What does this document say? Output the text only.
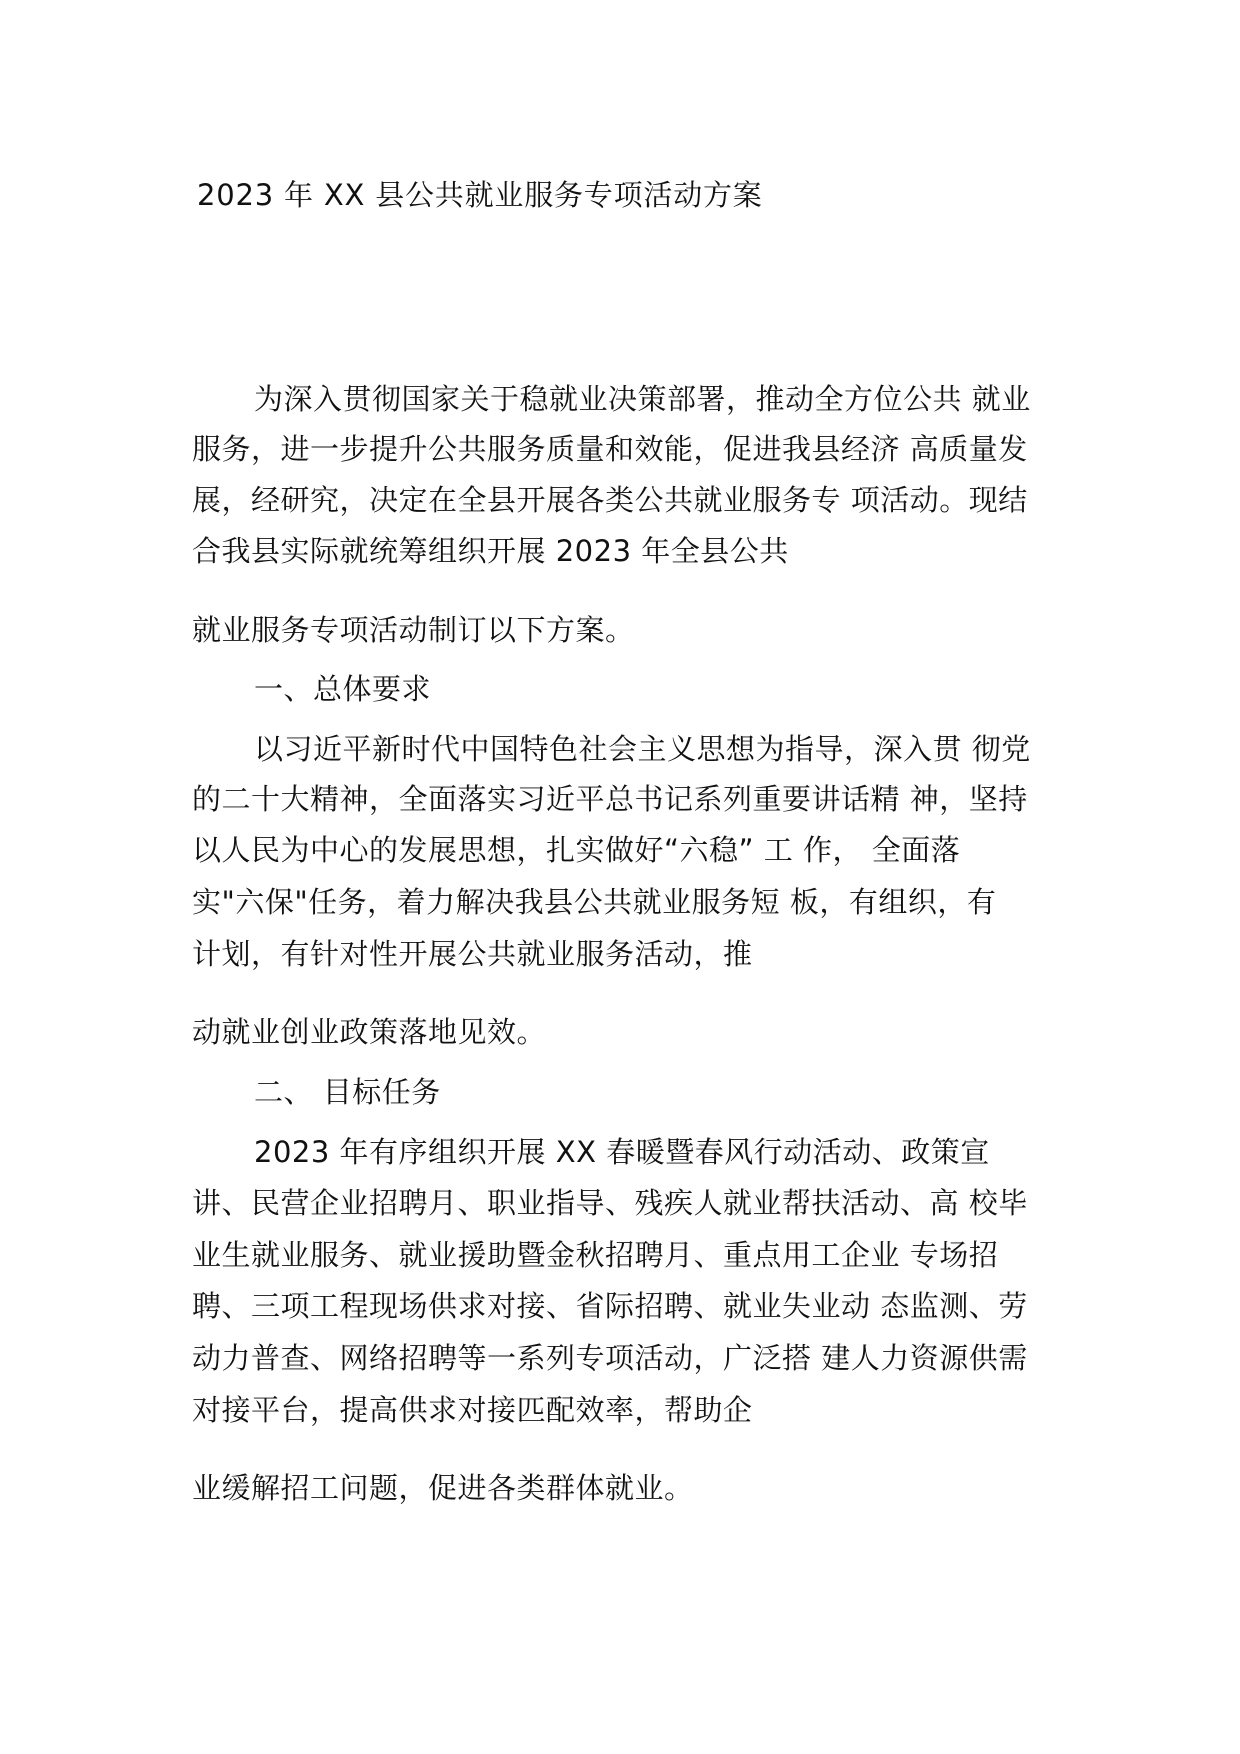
2023 年 XX 县公共就业服务专项活动方案
为深入贯彻国家关于稳就业决策部署，推动全方位公共 就业
服务，进一步提升公共服务质量和效能，促进我县经济 高质量发
展，经研究，决定在全县开展各类公共就业服务专 项活动。现结
合我县实际就统筹组织开展 2023 年全县公共
就业服务专项活动制订以下方案。
一、总体要求
以习近平新时代中国特色社会主义思想为指导，深入贯 彻党
的二十大精神，全面落实习近平总书记系列重要讲话精 神，坚持
以人民为中心的发展思想，扎实做好“六稳” 工 作， 全面落
实"六保"任务，着力解决我县公共就业服务短 板，有组织，有
计划，有针对性开展公共就业服务活动，推
动就业创业政策落地见效。
二、 目标任务
2023 年有序组织开展 XX 春暖暨春风行动活动、政策宣
讲、民营企业招聘月、职业指导、残疾人就业帮扶活动、高 校毕
业生就业服务、就业援助暨金秋招聘月、重点用工企业 专场招
聘、三项工程现场供求对接、省际招聘、就业失业动 态监测、劳
动力普查、网络招聘等一系列专项活动，广泛搭 建人力资源供需
对接平台，提高供求对接匹配效率，帮助企
业缓解招工问题，促进各类群体就业。
